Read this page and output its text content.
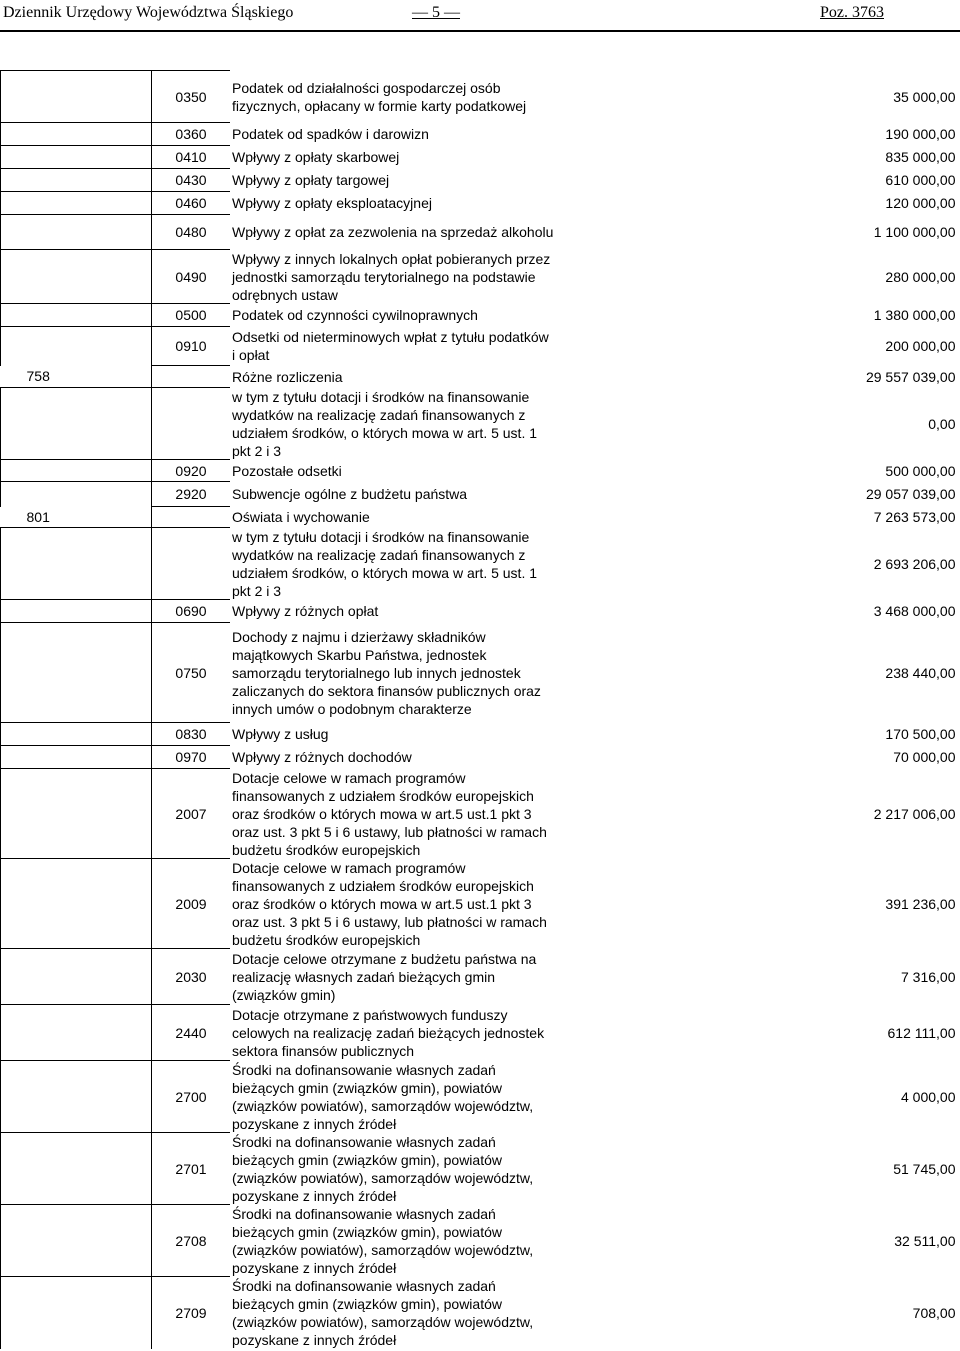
Dziennik Urzędowy Województwa Śląskiego	— 5 —	Poz. 3763
	0350	Podatek od działalności gospodarczej osób
fizycznych, opłacany w formie karty podatkowej	35 000,00
	0360	Podatek od spadków i darowizn	190 000,00
	0410	Wpływy z opłaty skarbowej	835 000,00
	0430	Wpływy z opłaty targowej	610 000,00
	0460	Wpływy z opłaty eksploatacyjnej	120 000,00
	0480	Wpływy z opłat za zezwolenia na sprzedaż alkoholu	1 100 000,00
	0490	Wpływy z innych lokalnych opłat pobieranych przez
jednostki samorządu terytorialnego na podstawie
odrębnych ustaw	280 000,00
	0500	Podatek od czynności cywilnoprawnych	1 380 000,00
	0910	Odsetki od nieterminowych wpłat z tytułu podatków
i opłat	200 000,00
758		Różne rozliczenia	29 557 039,00
		w tym z tytułu dotacji i środków na finansowanie
wydatków na realizację zadań finansowanych z
udziałem środków, o których mowa w art. 5 ust. 1
pkt 2 i 3	0,00
	0920	Pozostałe odsetki	500 000,00
	2920	Subwencje ogólne z budżetu państwa	29 057 039,00
801		Oświata i wychowanie	7 263 573,00
		w tym z tytułu dotacji i środków na finansowanie
wydatków na realizację zadań finansowanych z
udziałem środków, o których mowa w art. 5 ust. 1
pkt 2 i 3	2 693 206,00
	0690	Wpływy z różnych opłat	3 468 000,00
	0750	Dochody z najmu i dzierżawy składników
majątkowych Skarbu Państwa, jednostek
samorządu terytorialnego lub innych jednostek
zaliczanych do sektora finansów publicznych oraz
innych umów o podobnym charakterze	238 440,00
	0830	Wpływy z usług	170 500,00
	0970	Wpływy z różnych dochodów	70 000,00
	2007	Dotacje celowe w ramach programów
finansowanych z udziałem środków europejskich
oraz środków o których mowa w art.5 ust.1 pkt 3
oraz ust. 3 pkt 5 i 6 ustawy, lub płatności w ramach
budżetu środków europejskich	2 217 006,00
	2009	Dotacje celowe w ramach programów
finansowanych z udziałem środków europejskich
oraz środków o których mowa w art.5 ust.1 pkt 3
oraz ust. 3 pkt 5 i 6 ustawy, lub płatności w ramach
budżetu środków europejskich	391 236,00
	2030	Dotacje celowe otrzymane z budżetu państwa na
realizację własnych zadań bieżących gmin
(związków gmin)	7 316,00
	2440	Dotacje otrzymane z państwowych funduszy
celowych na realizację zadań bieżących jednostek
sektora finansów publicznych	612 111,00
	2700	Środki na dofinansowanie własnych zadań
bieżących gmin (związków gmin), powiatów
(związków powiatów), samorządów województw,
pozyskane z innych źródeł	4 000,00
	2701	Środki na dofinansowanie własnych zadań
bieżących gmin (związków gmin), powiatów
(związków powiatów), samorządów województw,
pozyskane z innych źródeł	51 745,00
	2708	Środki na dofinansowanie własnych zadań
bieżących gmin (związków gmin), powiatów
(związków powiatów), samorządów województw,
pozyskane z innych źródeł	32 511,00
	2709	Środki na dofinansowanie własnych zadań
bieżących gmin (związków gmin), powiatów
(związków powiatów), samorządów województw,
pozyskane z innych źródeł	708,00
